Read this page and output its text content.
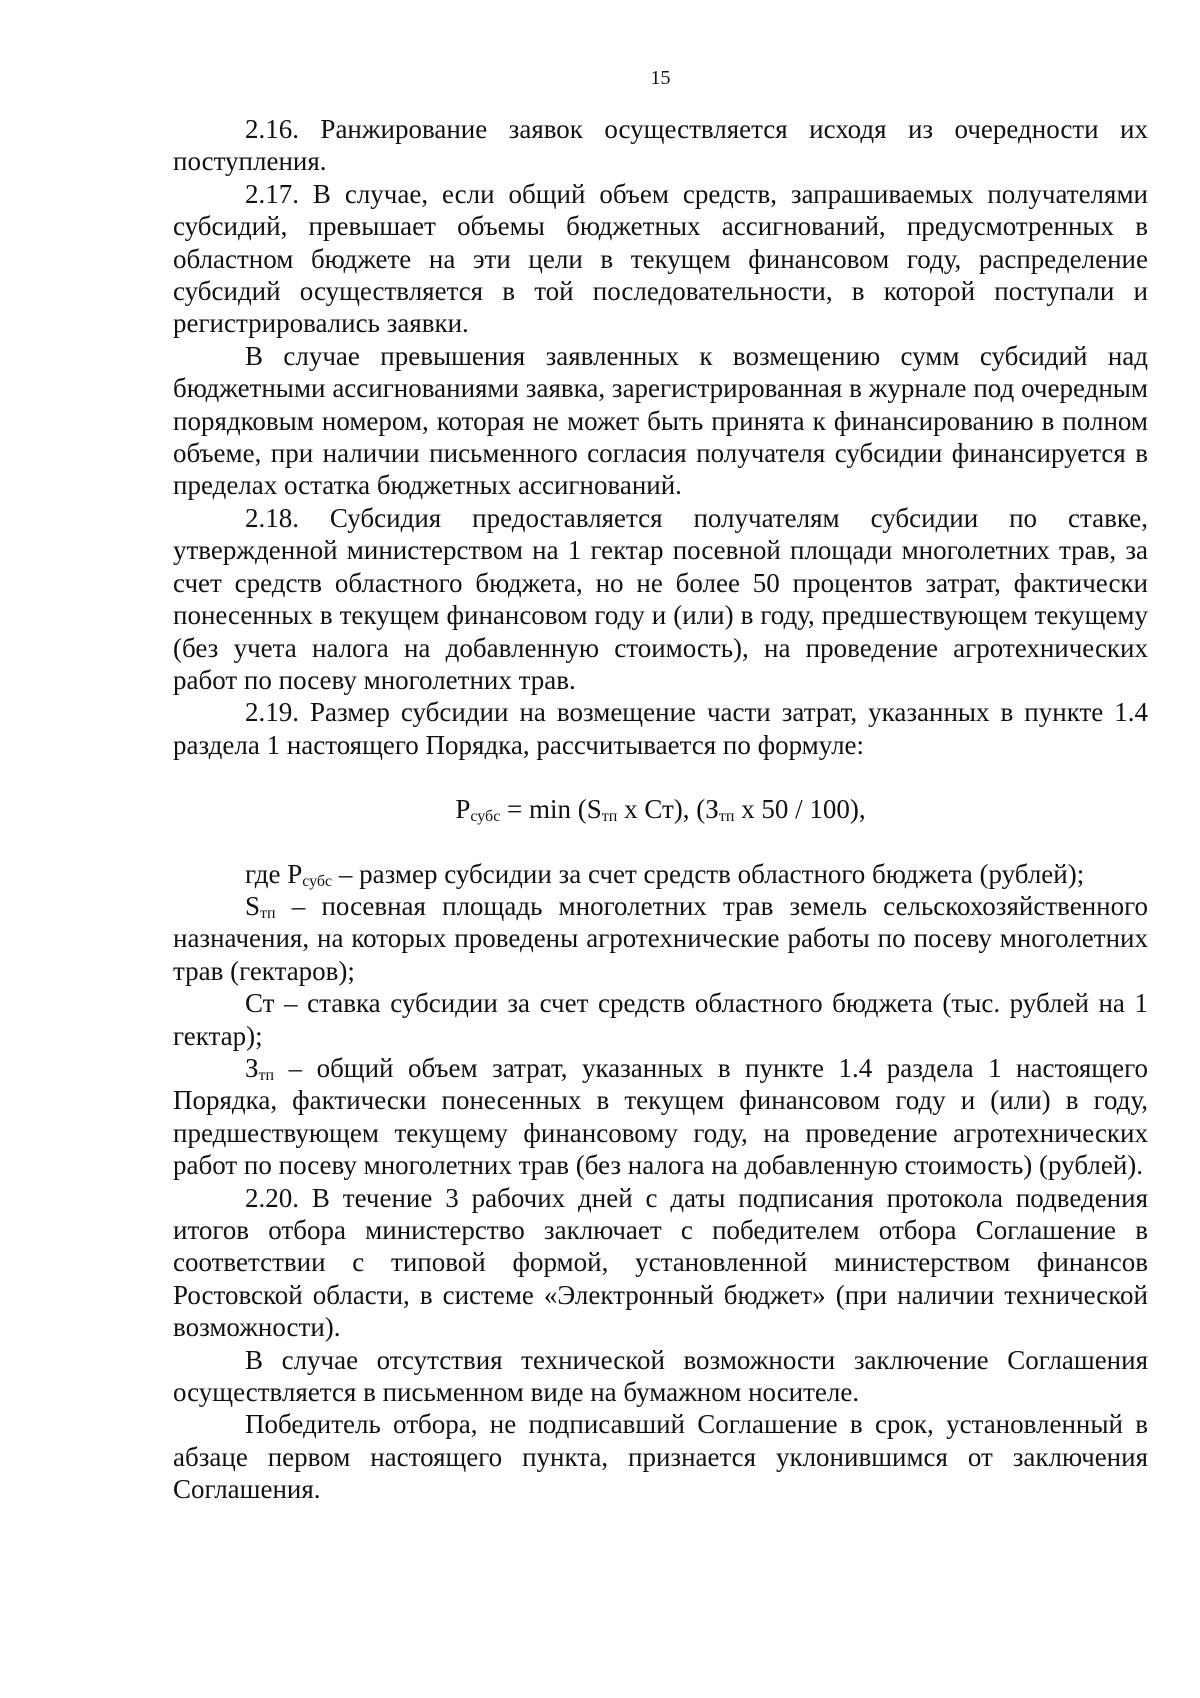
15

2.16. Ранжирование заявок осуществляется исходя из очередности их поступления.

2.17. В случае, если общий объем средств, запрашиваемых получателями субсидий, превышает объемы бюджетных ассигнований, предусмотренных в областном бюджете на эти цели в текущем финансовом году, распределение субсидий осуществляется в той последовательности, в которой поступали и регистрировались заявки.

В случае превышения заявленных к возмещению сумм субсидий над бюджетными ассигнованиями заявка, зарегистрированная в журнале под очередным порядковым номером, которая не может быть принята к финансированию в полном объеме, при наличии письменного согласия получателя субсидии финансируется в пределах остатка бюджетных ассигнований.

2.18. Субсидия предоставляется получателям субсидии по ставке, утвержденной министерством на 1 гектар посевной площади многолетних трав, за счет средств областного бюджета, но не более 50 процентов затрат, фактически понесенных в текущем финансовом году и (или) в году, предшествующем текущему (без учета налога на добавленную стоимость), на проведение агротехнических работ по посеву многолетних трав.

2.19. Размер субсидии на возмещение части затрат, указанных в пункте 1.4 раздела 1 настоящего Порядка, рассчитывается по формуле:

$Р_{субс} = \min (S_{тп}$ х Ст), ($З_{тп}$ х 50 / 100),

где $Р_{субс}$ – размер субсидии за счет средств областного бюджета (рублей);

$S_{тп}$ – посевная площадь многолетних трав земель сельскохозяйственного назначения, на которых проведены агротехнические работы по посеву многолетних трав (гектаров);

Ст – ставка субсидии за счет средств областного бюджета (тыс. рублей на 1 гектар);

$З_{тп}$ – общий объем затрат, указанных в пункте 1.4 раздела 1 настоящего Порядка, фактически понесенных в текущем финансовом году и (или) в году, предшествующем текущему финансовому году, на проведение агротехнических работ по посеву многолетних трав (без налога на добавленную стоимость) (рублей).

2.20. В течение 3 рабочих дней с даты подписания протокола подведения итогов отбора министерство заключает с победителем отбора Соглашение в соответствии с типовой формой, установленной министерством финансов Ростовской области, в системе «Электронный бюджет» (при наличии технической возможности).

В случае отсутствия технической возможности заключение Соглашения осуществляется в письменном виде на бумажном носителе.

Победитель отбора, не подписавший Соглашение в срок, установленный в абзаце первом настоящего пункта, признается уклонившимся от заключения Соглашения.
